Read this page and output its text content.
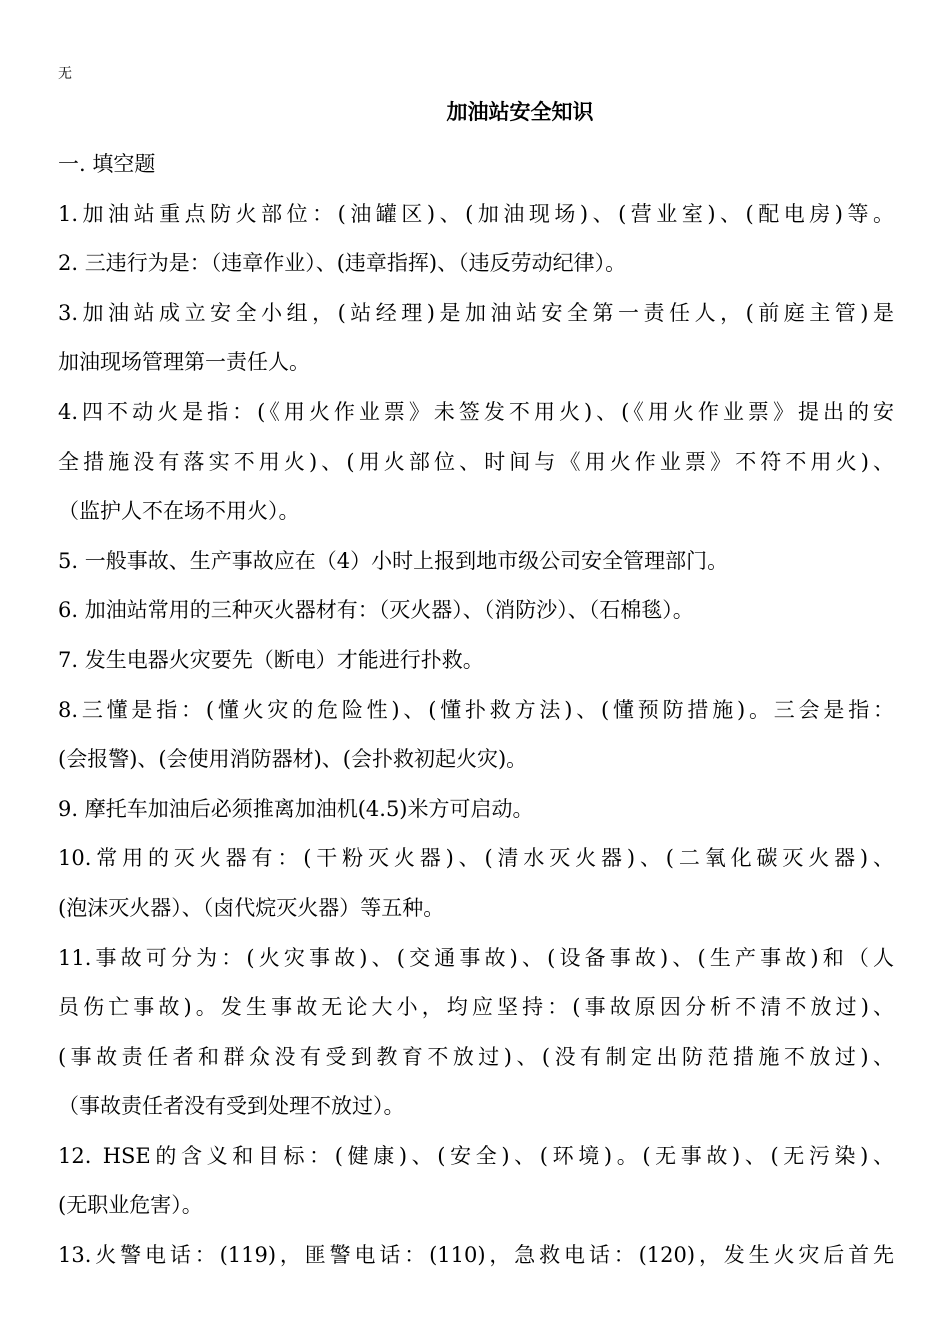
无
加油站安全知识
一. 填空题
1.加油站重点防火部位：(油罐区)、(加油现场)、(营业室)、(配电房)等。
2. 三违行为是：（违章作业）、(违章指挥)、（违反劳动纪律）。
3.加油站成立安全小组，(站经理)是加油站安全第一责任人，(前庭主管)是
加油现场管理第一责任人。
4.四不动火是指：(《用火作业票》未签发不用火)、(《用火作业票》提出的安
全措施没有落实不用火)、(用火部位、时间与《用火作业票》不符不用火)、
（监护人不在场不用火）。
5. 一般事故、生产事故应在（4）小时上报到地市级公司安全管理部门。
6. 加油站常用的三种灭火器材有：（灭火器）、（消防沙）、（石棉毯）。
7. 发生电器火灾要先（断电）才能进行扑救。
8.三懂是指：(懂火灾的危险性)、(懂扑救方法)、(懂预防措施)。三会是指：
(会报警)、(会使用消防器材)、(会扑救初起火灾)。
9. 摩托车加油后必须推离加油机(4.5)米方可启动。
10.常用的灭火器有：(干粉灭火器)、(清水灭火器)、(二氧化碳灭火器)、
(泡沫灭火器）、（卤代烷灭火器）等五种。
11.事故可分为：(火灾事故)、(交通事故)、(设备事故)、(生产事故)和（人
员伤亡事故)。发生事故无论大小，均应坚持：(事故原因分析不清不放过)、
(事故责任者和群众没有受到教育不放过)、(没有制定出防范措施不放过)、
（事故责任者没有受到处理不放过）。
12. HSE的含义和目标：(健康)、(安全)、(环境)。(无事故)、(无污染)、
(无职业危害）。
13.火警电话：(119)，匪警电话：(110)，急救电话：(120)，发生火灾后首先
